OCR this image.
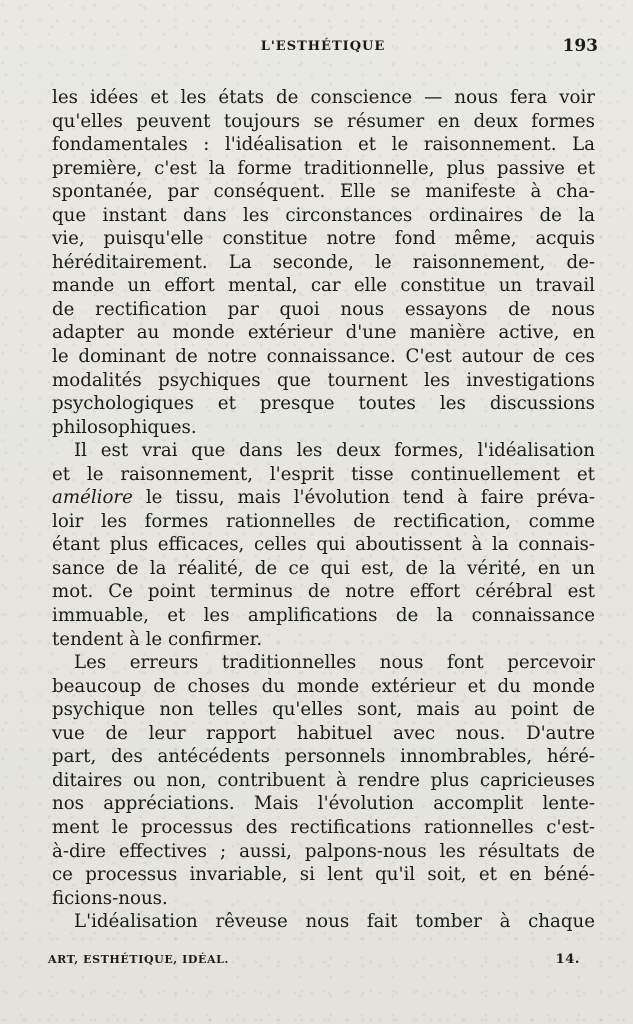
L'ESTHÉTIQUE	193
les idées et les états de conscience — nous fera voir
qu'elles peuvent toujours se résumer en deux formes
fondamentales : l'idéalisation et le raisonnement. La
première, c'est la forme traditionnelle, plus passive et
spontanée, par conséquent. Elle se manifeste à cha-
que instant dans les circonstances ordinaires de la
vie, puisqu'elle constitue notre fond même, acquis
héréditairement. La seconde, le raisonnement, de-
mande un effort mental, car elle constitue un travail
de rectification par quoi nous essayons de nous
adapter au monde extérieur d'une manière active, en
le dominant de notre connaissance. C'est autour de ces
modalités psychiques que tournent les investigations
psychologiques et presque toutes les discussions
philosophiques.
Il est vrai que dans les deux formes, l'idéalisation
et le raisonnement, l'esprit tisse continuellement et
améliore le tissu, mais l'évolution tend à faire préva-
loir les formes rationnelles de rectification, comme
étant plus efficaces, celles qui aboutissent à la connais-
sance de la réalité, de ce qui est, de la vérité, en un
mot. Ce point terminus de notre effort cérébral est
immuable, et les amplifications de la connaissance
tendent à le confirmer.
Les erreurs traditionnelles nous font percevoir
beaucoup de choses du monde extérieur et du monde
psychique non telles qu'elles sont, mais au point de
vue de leur rapport habituel avec nous. D'autre
part, des antécédents personnels innombrables, héré-
ditaires ou non, contribuent à rendre plus capricieuses
nos appréciations. Mais l'évolution accomplit lente-
ment le processus des rectifications rationnelles c'est-
à-dire effectives ; aussi, palpons-nous les résultats de
ce processus invariable, si lent qu'il soit, et en béné-
ficions-nous.
L'idéalisation rêveuse nous fait tomber à chaque
ART, ESTHÉTIQUE, IDÉAL.	14.
